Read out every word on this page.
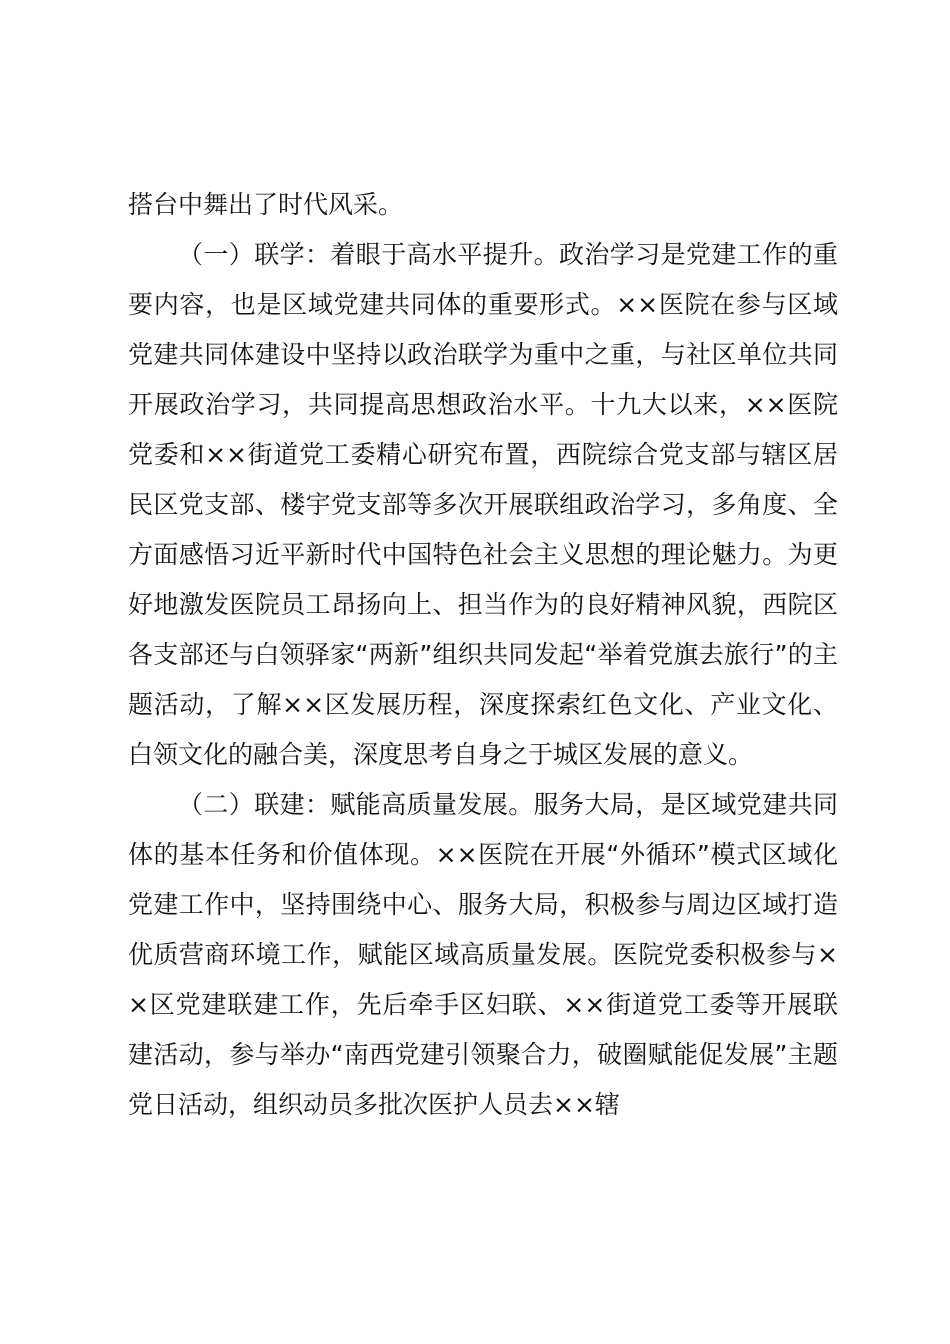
搭台中舞出了时代风采。

（一）联学：着眼于高水平提升。政治学习是党建工作的重要内容，也是区域党建共同体的重要形式。××医院在参与区域党建共同体建设中坚持以政治联学为重中之重，与社区单位共同开展政治学习，共同提高思想政治水平。十九大以来，××医院党委和××街道党工委精心研究布置，西院综合党支部与辖区居民区党支部、楼宇党支部等多次开展联组政治学习，多角度、全方面感悟习近平新时代中国特色社会主义思想的理论魅力。为更好地激发医院员工昂扬向上、担当作为的良好精神风貌，西院区各支部还与白领驿家“两新”组织共同发起“举着党旗去旅行”的主题活动，了解××区发展历程，深度探索红色文化、产业文化、白领文化的融合美，深度思考自身之于城区发展的意义。

（二）联建：赋能高质量发展。服务大局，是区域党建共同体的基本任务和价值体现。××医院在开展“外循环”模式区域化党建工作中，坚持围绕中心、服务大局，积极参与周边区域打造优质营商环境工作，赋能区域高质量发展。医院党委积极参与××区党建联建工作，先后牵手区妇联、××街道党工委等开展联建活动，参与举办“南西党建引领聚合力，破圈赋能促发展”主题党日活动，组织动员多批次医护人员去××辖
